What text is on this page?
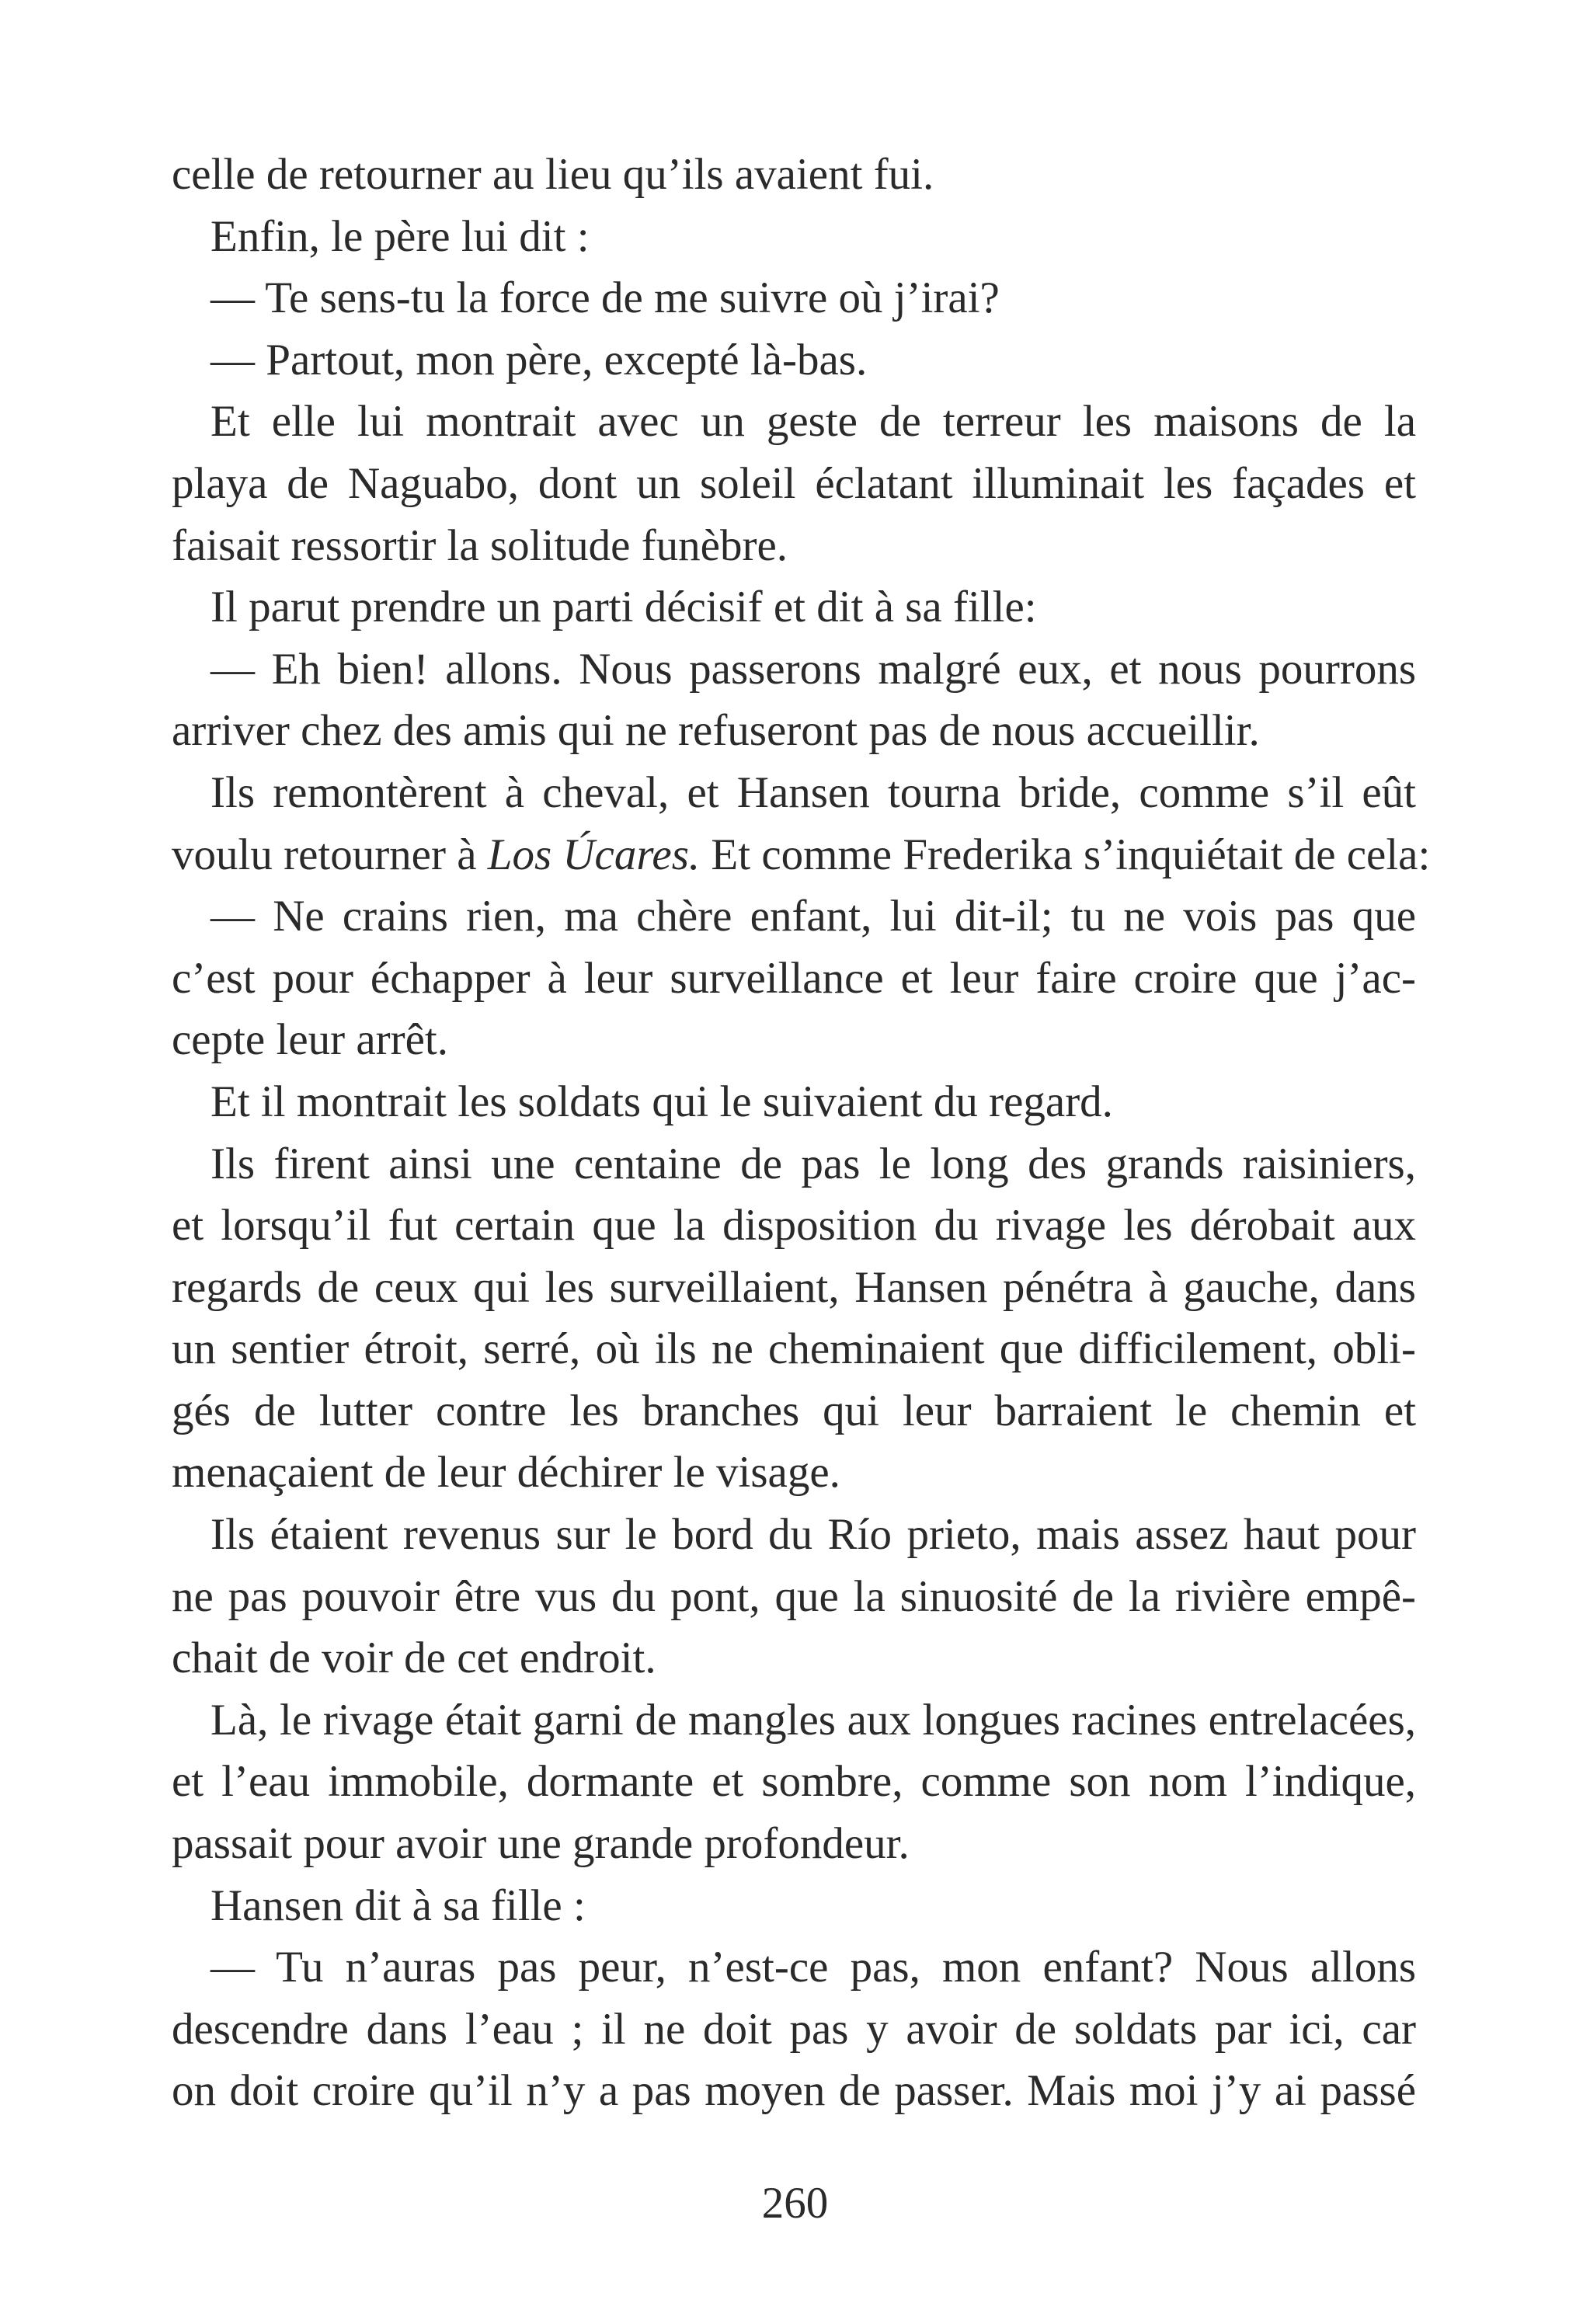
celle de retourner au lieu qu’ils avaient fui.
Enfin, le père lui dit :
— Te sens-tu la force de me suivre où j’irai?
— Partout, mon père, excepté là-bas.
Et elle lui montrait avec un geste de terreur les maisons de la
playa de Naguabo, dont un soleil éclatant illuminait les façades et
faisait ressortir la solitude funèbre.
Il parut prendre un parti décisif et dit à sa fille:
— Eh bien! allons. Nous passerons malgré eux, et nous pourrons
arriver chez des amis qui ne refuseront pas de nous accueillir.
Ils remontèrent à cheval, et Hansen tourna bride, comme s’il eût
voulu retourner à Los Úcares. Et comme Frederika s’inquiétait de cela:
— Ne crains rien, ma chère enfant, lui dit-il; tu ne vois pas que
c’est pour échapper à leur surveillance et leur faire croire que j’ac-
cepte leur arrêt.
Et il montrait les soldats qui le suivaient du regard.
Ils firent ainsi une centaine de pas le long des grands raisiniers,
et lorsqu’il fut certain que la disposition du rivage les dérobait aux
regards de ceux qui les surveillaient, Hansen pénétra à gauche, dans
un sentier étroit, serré, où ils ne cheminaient que difficilement, obli-
gés de lutter contre les branches qui leur barraient le chemin et
menaçaient de leur déchirer le visage.
Ils étaient revenus sur le bord du Río prieto, mais assez haut pour
ne pas pouvoir être vus du pont, que la sinuosité de la rivière empê-
chait de voir de cet endroit.
Là, le rivage était garni de mangles aux longues racines entrelacées,
et l’eau immobile, dormante et sombre, comme son nom l’indique,
passait pour avoir une grande profondeur.
Hansen dit à sa fille :
— Tu n’auras pas peur, n’est-ce pas, mon enfant? Nous allons
descendre dans l’eau ; il ne doit pas y avoir de soldats par ici, car
on doit croire qu’il n’y a pas moyen de passer. Mais moi j’y ai passé
260
